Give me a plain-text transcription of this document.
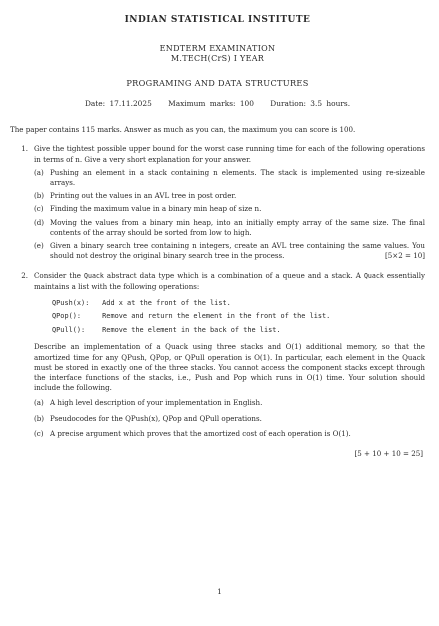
INDIAN STATISTICAL INSTITUTE
ENDTERM EXAMINATION
M.TECH(CrS) I YEAR
PROGRAMING AND DATA STRUCTURES
Date: 17.11.2025 Maximum marks: 100 Duration: 3.5 hours.

The paper contains 115 marks. Answer as much as you can, the maximum you can score is 100.

1. Give the tightest possible upper bound for the worst case running time for each of the following operations in terms of n. Give a very short explanation for your answer.

(a) Pushing an element in a stack containing n elements. The stack is implemented using re-sizeable arrays.
(b) Printing out the values in an AVL tree in post order.
(c) Finding the maximum value in a binary min heap of size n.
(d) Moving the values from a binary min heap, into an initially empty array of the same size. The final contents of the array should be sorted from low to high.
(e) Given a binary search tree containing n integers, create an AVL tree containing the same values. You should not destroy the original binary search tree in the process.	[5×2 = 10]
2. Consider the Quack abstract data type which is a combination of a queue and a stack. A Quack essentially maintains a list with the following operations:

QPush(x): Add x at the front of the list.
QPop():	Remove and return the element in the front of the list.
QPull(): Remove the element in the back of the list.

Describe an implementation of a Quack using three stacks and O(1) additional memory, so that the amortized time for any QPush, QPop, or QPull operation is O(1). In particular, each element in the Quack must be stored in exactly one of the three stacks. You cannot access the component stacks except through the interface functions of the stacks, i.e., Push and Pop which runs in O(1) time. Your solution should include the following.

(a) A high level description of your implementation in English.
(b) Pseudocodes for the QPush(x), QPop and QPull operations.
(c) A precise argument which proves that the amortized cost of each operation is O(1).
[5 + 10 + 10 = 25]
1
